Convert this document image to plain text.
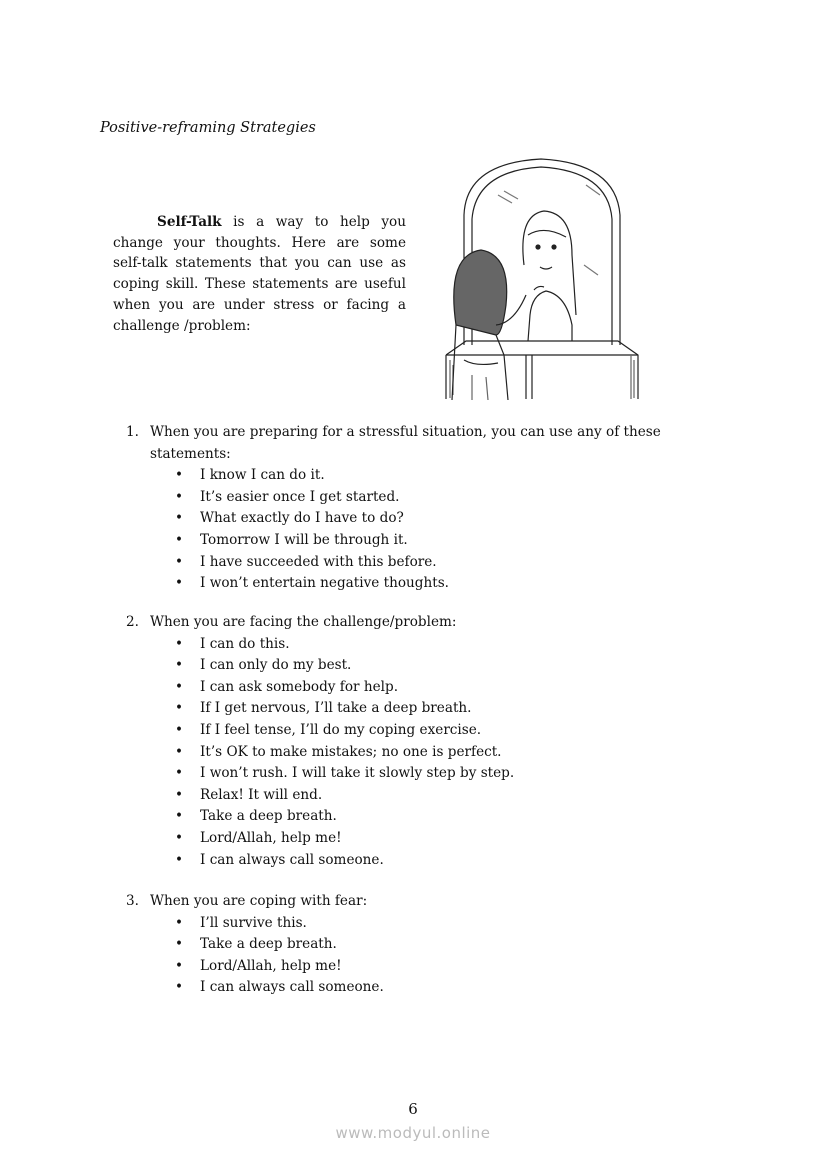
Positive-reframing Strategies
Self-Talk is a way to help you change your thoughts. Here are some self-talk statements that you can use as coping skill. These statements are useful when you are under stress or facing a challenge /problem:
1. When you are preparing for a stressful situation, you can use any of these statements:
• I know I can do it.
• It’s easier once I get started.
• What exactly do I have to do?
• Tomorrow I will be through it.
• I have succeeded with this before.
• I won’t entertain negative thoughts.
2. When you are facing the challenge/problem:
• I can do this.
• I can only do my best.
• I can ask somebody for help.
• If I get nervous, I’ll take a deep breath.
• If I feel tense, I’ll do my coping exercise.
• It’s OK to make mistakes; no one is perfect.
• I won’t rush. I will take it slowly step by step.
• Relax! It will end.
• Take a deep breath.
• Lord/Allah, help me!
• I can always call someone.
3. When you are coping with fear:
• I’ll survive this.
• Take a deep breath.
• Lord/Allah, help me!
• I can always call someone.
6
www.modyul.online
